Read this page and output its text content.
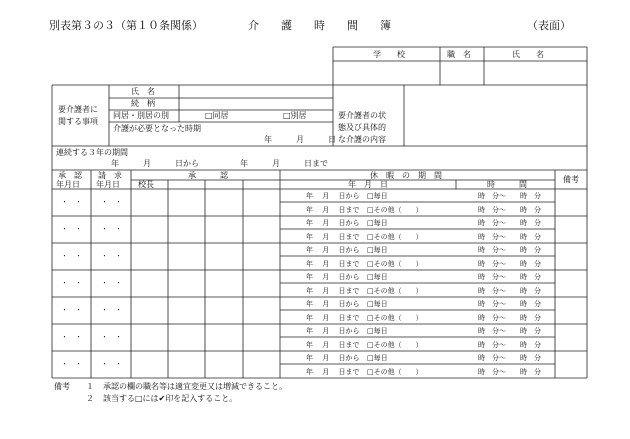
別表第３の３（第１０条関係）	介　　護　　時　　間　　簿	（表面）
学　　校	職　名	氏　　名
要介護者に
関する事項
氏　名
続　柄
同居・別居の別	□同居	□別居
介護が必要となった時期
年　　　月　　　日
要介護者の状
態及び具体的
な介護の内容
連続する３年の期間
年　　　月　　　日から	年　　　月　　　日まで
承　認
年月日
請　求
年月日
承　　　認
校長
休　暇　の　期　間
年　月　日	時　　　間
備考
・　・	・　・
年　 月　 日から □毎日	時　分～　　時　分
年　 月　 日まで □その他（　　）	時　分～　　時　分
・　・	・　・
年　 月　 日から □毎日	時　分～　　時　分
年　 月　 日まで □その他（　　）	時　分～　　時　分
・　・	・　・
年　 月　 日から □毎日	時　分～　　時　分
年　 月　 日まで □その他（　　）	時　分～　　時　分
・　・	・　・
年　 月　 日から □毎日	時　分～　　時　分
年　 月　 日まで □その他（　　）	時　分～　　時　分
・　・	・　・
年　 月　 日から □毎日	時　分～　　時　分
年　 月　 日まで □その他（　　）	時　分～　　時　分
・　・	・　・
年　 月　 日から □毎日	時　分～　　時　分
年　 月　 日まで □その他（　　）	時　分～　　時　分
・　・	・　・
年　 月　 日から □毎日	時　分～　　時　分
年　 月　 日まで □その他（　　）	時　分～　　時　分
備考 １ 承認の欄の職名等は適宜変更又は増減できること。
２ 該当する□には✔印を記入すること。
